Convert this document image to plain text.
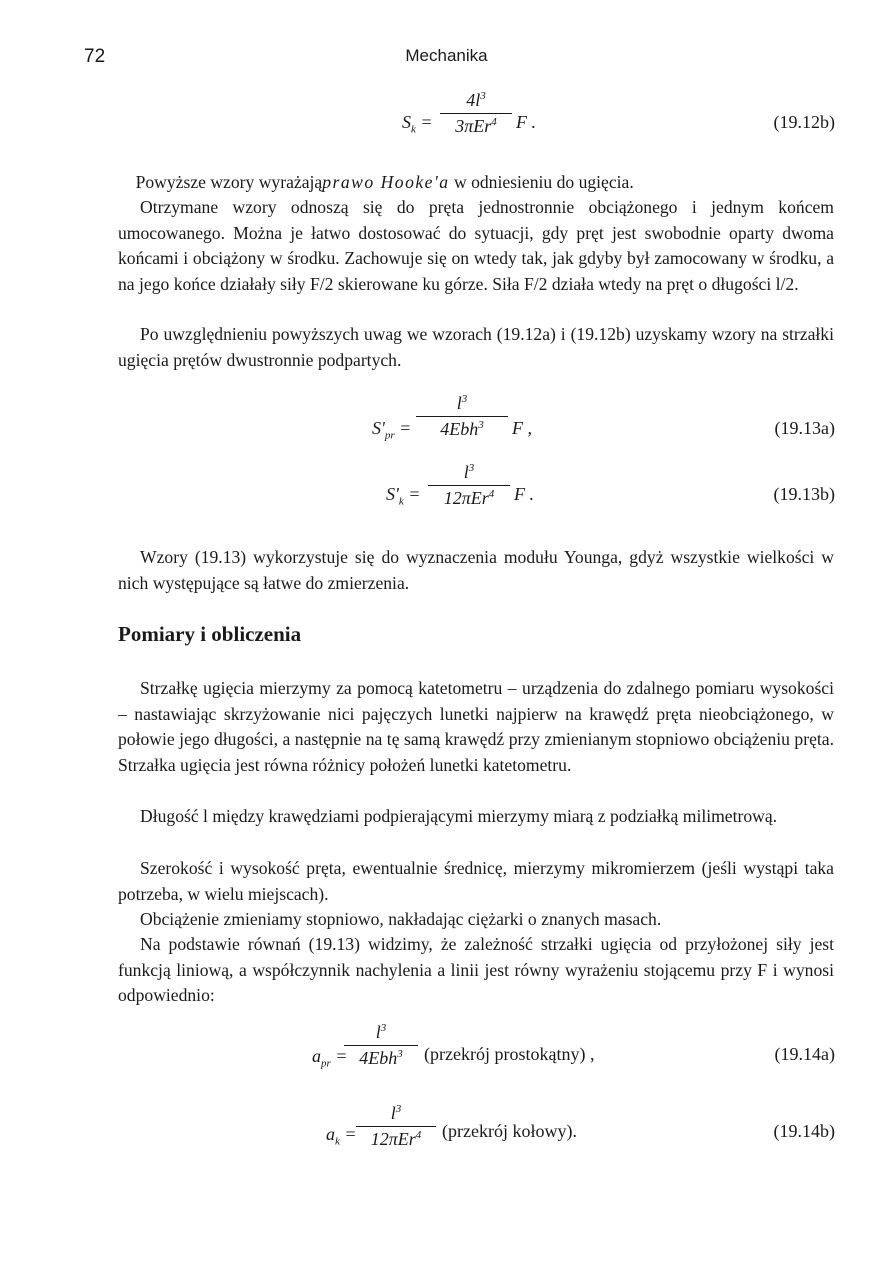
72	Mechanika
$S_k$ =
$4l^3$
3πEr$^4$	F .	(19.12b)

Powyższe wzory wyrażająprawo Hooke'a w odniesieniu do ugięcia.

Otrzymane wzory odnoszą się do pręta jednostronnie obciążonego i jednym końcem umocowanego. Można je łatwo dostosować do sytuacji, gdy pręt jest swobodnie oparty dwoma końcami i obciążony w środku. Zachowuje się on wtedy tak, jak gdyby był zamocowany w środku, a na jego końce działały siły F/2 skierowane ku górze. Siła F/2 działa wtedy na pręt o długości l/2.

Po uwzględnieniu powyższych uwag we wzorach (19.12a) i (19.12b) uzyskamy wzory na strzałki ugięcia prętów dwustronnie podpartych.

$S'_{pr}$ =
$l^3$
4Ebh$^3$	F ,	(19.13a)
$S'_k$ =
$l^3$
12πEr$^4$	F .	(19.13b)

Wzory (19.13) wykorzystuje się do wyznaczenia modułu Younga, gdyż wszystkie wielkości w nich występujące są łatwe do zmierzenia.

Pomiary i obliczenia

Strzałkę ugięcia mierzymy za pomocą katetometru – urządzenia do zdalnego pomiaru wysokości – nastawiając skrzyżowanie nici pajęczych lunetki najpierw na krawędź pręta nieobciążonego, w połowie jego długości, a następnie na tę samą krawędź przy zmienianym stopniowo obciążeniu pręta. Strzałka ugięcia jest równa różnicy położeń lunetki katetometru.

Długość l między krawędziami podpierającymi mierzymy miarą z podziałką milimetrową.

Szerokość i wysokość pręta, ewentualnie średnicę, mierzymy mikromierzem (jeśli wystąpi taka potrzeba, w wielu miejscach).

Obciążenie zmieniamy stopniowo, nakładając ciężarki o znanych masach.

Na podstawie równań (19.13) widzimy, że zależność strzałki ugięcia od przyłożonej siły jest funkcją liniową, a współczynnik nachylenia a linii jest równy wyrażeniu stojącemu przy F i wynosi odpowiednio:

$a_{pr}$ =
$l^3$
4Ebh$^3$	(przekrój prostokątny) ,	(19.14a)
$a_k$ =
$l^3$
12πEr$^4$	(przekrój kołowy).	(19.14b)
